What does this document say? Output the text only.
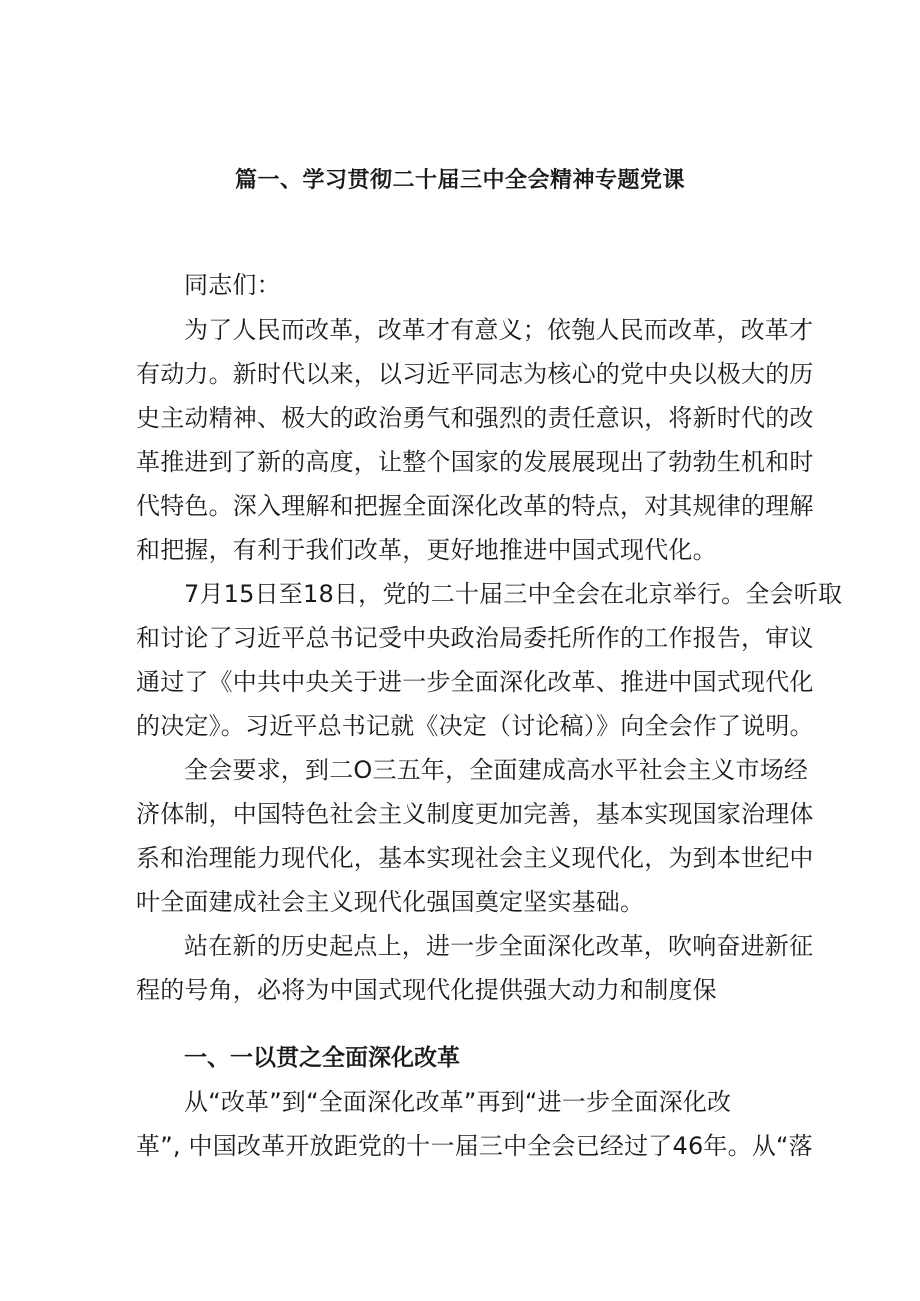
篇一、学习贯彻二十届三中全会精神专题党课
同志们：
为了人民而改革，改革才有意义；依匏人民而改革，改革才
有动力。新时代以来，以习近平同志为核心的党中央以极大的历
史主动精神、极大的政治勇气和强烈的责任意识，将新时代的改
革推进到了新的高度，让整个国家的发展展现出了勃勃生机和时
代特色。深入理解和把握全面深化改革的特点，对其规律的理解
和把握，有利于我们改革，更好地推进中国式现代化。
7月15日至18日，党的二十届三中全会在北京举行。全会听取
和讨论了习近平总书记受中央政治局委托所作的工作报告，审议
通过了《中共中央关于进一步全面深化改革、推进中国式现代化
的决定》。习近平总书记就《决定（讨论稿）》向全会作了说明。
全会要求，到二O三五年，全面建成高水平社会主义市场经
济体制，中国特色社会主义制度更加完善，基本实现国家治理体
系和治理能力现代化，基本实现社会主义现代化，为到本世纪中
叶全面建成社会主义现代化强国奠定坚实基础。
站在新的历史起点上，进一步全面深化改革，吹响奋进新征
程的号角，必将为中国式现代化提供强大动力和制度保
一、一以贯之全面深化改革
从“改革”到“全面深化改革”再到“进一步全面深化改
革”, 中国改革开放距党的十一届三中全会已经过了46年。从“落
